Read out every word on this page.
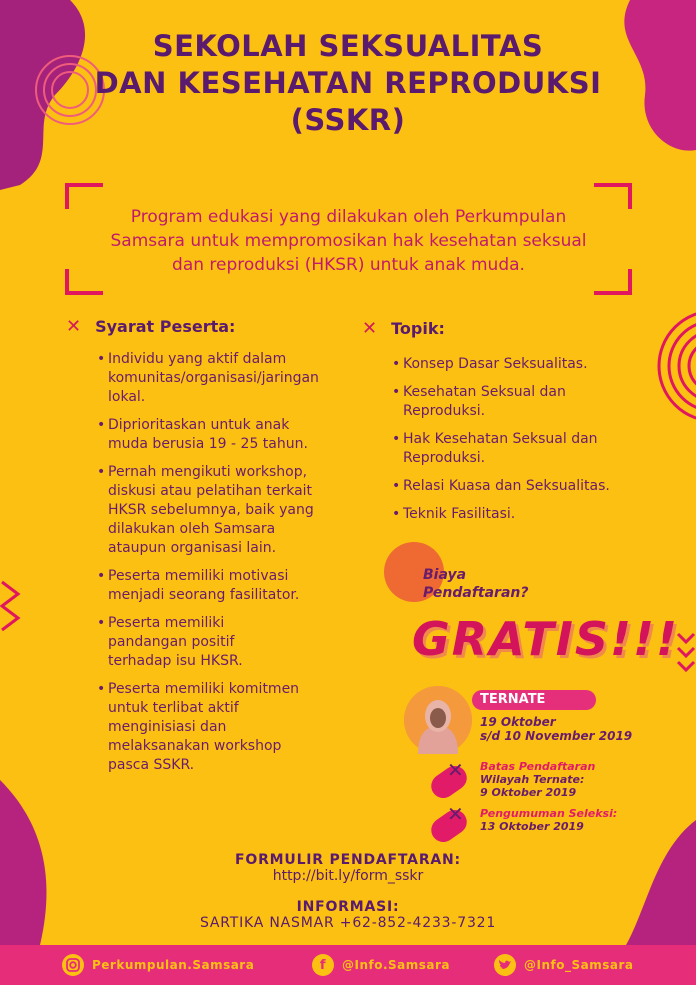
SEKOLAH SEKSUALITAS
DAN KESEHATAN REPRODUKSI
(SSKR)
Program edukasi yang dilakukan oleh Perkumpulan
Samsara untuk mempromosikan hak kesehatan seksual
dan reproduksi (HKSR) untuk anak muda.
✕ Syarat Peserta:
• Individu yang aktif dalam
komunitas/organisasi/jaringan
lokal.
• Diprioritaskan untuk anak
muda berusia 19 - 25 tahun.
• Pernah mengikuti workshop,
diskusi atau pelatihan terkait
HKSR sebelumnya, baik yang
dilakukan oleh Samsara
ataupun organisasi lain.
• Peserta memiliki motivasi
menjadi seorang fasilitator.
• Peserta memiliki
pandangan positif
terhadap isu HKSR.
• Peserta memiliki komitmen
untuk terlibat aktif
menginisiasi dan
melaksanakan workshop
pasca SSKR.
✕ Topik:
• Konsep Dasar Seksualitas.
• Kesehatan Seksual dan
Reproduksi.
• Hak Kesehatan Seksual dan
Reproduksi.
• Relasi Kuasa dan Seksualitas.
• Teknik Fasilitasi.
Biaya
Pendaftaran?
GRATIS!!!
TERNATE
19 Oktober
s/d 10 November 2019
✕ Batas Pendaftaran
Wilayah Ternate:
9 Oktober 2019
✕ Pengumuman Seleksi:
13 Oktober 2019
FORMULIR PENDAFTARAN:
http://bit.ly/form_sskr
INFORMASI:
SARTIKA NASMAR +62-852-4233-7321
Perkumpulan.Samsara	f	@Info.Samsara	@Info_Samsara
